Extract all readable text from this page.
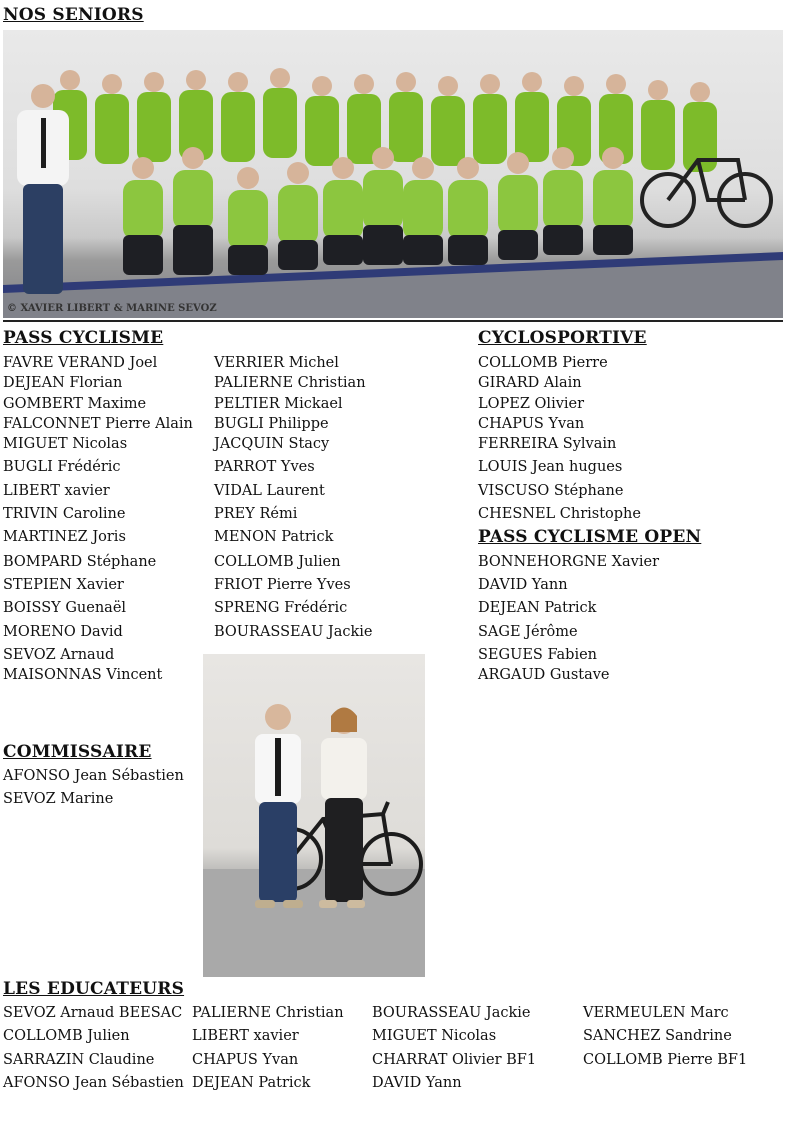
NOS SENIORS
© XAVIER LIBERT & MARINE SEVOZ
PASS CYCLISME
FAVRE VERAND Joel
DEJEAN Florian
GOMBERT Maxime
FALCONNET Pierre Alain
MIGUET Nicolas
BUGLI Frédéric
LIBERT xavier
TRIVIN Caroline
MARTINEZ Joris
BOMPARD Stéphane
STEPIEN Xavier
BOISSY Guenaël
MORENO David
SEVOZ Arnaud
MAISONNAS Vincent
VERRIER Michel
PALIERNE Christian
PELTIER Mickael
BUGLI Philippe
JACQUIN Stacy
PARROT Yves
VIDAL Laurent
PREY Rémi
MENON Patrick
COLLOMB Julien
FRIOT Pierre Yves
SPRENG Frédéric
BOURASSEAU Jackie
CYCLOSPORTIVE
COLLOMB Pierre
GIRARD Alain
LOPEZ Olivier
CHAPUS Yvan
FERREIRA Sylvain
LOUIS Jean hugues
VISCUSO Stéphane
CHESNEL Christophe
PASS CYCLISME OPEN
BONNEHORGNE Xavier
DAVID Yann
DEJEAN Patrick
SAGE Jérôme
SEGUES Fabien
ARGAUD Gustave
COMMISSAIRE
AFONSO Jean Sébastien
SEVOZ Marine
LES EDUCATEURS
SEVOZ Arnaud BEESAC
COLLOMB Julien
SARRAZIN Claudine
AFONSO Jean Sébastien
PALIERNE Christian
LIBERT xavier
CHAPUS Yvan
DEJEAN Patrick
BOURASSEAU Jackie
MIGUET Nicolas
CHARRAT Olivier BF1
DAVID Yann
VERMEULEN Marc
SANCHEZ Sandrine
COLLOMB Pierre BF1
